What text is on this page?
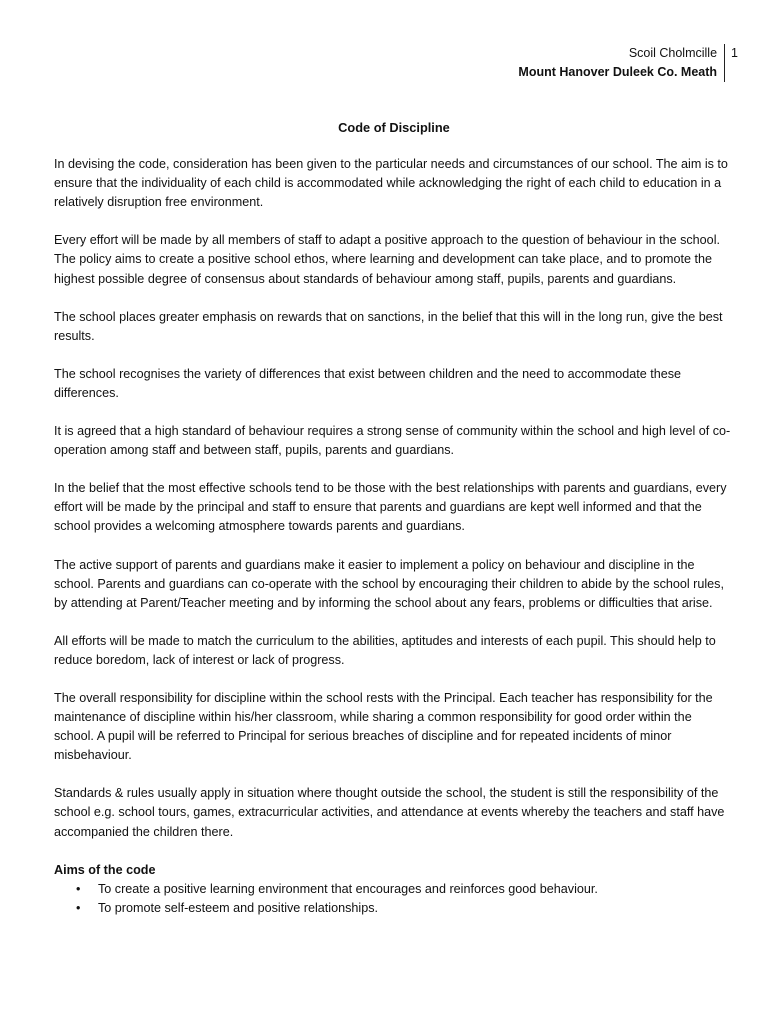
Scoil Cholmcille
Mount Hanover Duleek Co. Meath
1

Code of Discipline

In devising the code, consideration has been given to the particular needs and circumstances of our school. The aim is to ensure that the individuality of each child is accommodated while acknowledging the right of each child to education in a relatively disruption free environment.

Every effort will be made by all members of staff to adapt a positive approach to the question of behaviour in the school. The policy aims to create a positive school ethos, where learning and development can take place, and to promote the highest possible degree of consensus about standards of behaviour among staff, pupils, parents and guardians.

The school places greater emphasis on rewards that on sanctions, in the belief that this will in the long run, give the best results.

The school recognises the variety of differences that exist between children and the need to accommodate these differences.

It is agreed that a high standard of behaviour requires a strong sense of community within the school and high level of co-operation among staff and between staff, pupils, parents and guardians.

In the belief that the most effective schools tend to be those with the best relationships with parents and guardians, every effort will be made by the principal and staff to ensure that parents and guardians are kept well informed and that the school provides a welcoming atmosphere towards parents and guardians.

The active support of parents and guardians make it easier to implement a policy on behaviour and discipline in the school. Parents and guardians can co-operate with the school by encouraging their children to abide by the school rules, by attending at Parent/Teacher meeting and by informing the school about any fears, problems or difficulties that arise.

All efforts will be made to match the curriculum to the abilities, aptitudes and interests of each pupil. This should help to reduce boredom, lack of interest or lack of progress.

The overall responsibility for discipline within the school rests with the Principal. Each teacher has responsibility for the maintenance of discipline within his/her classroom, while sharing a common responsibility for good order within the school. A pupil will be referred to Principal for serious breaches of discipline and for repeated incidents of minor misbehaviour.

Standards & rules usually apply in situation where thought outside the school, the student is still the responsibility of the school e.g. school tours, games, extracurricular activities, and attendance at events whereby the teachers and staff have accompanied the children there.

Aims of the code

• To create a positive learning environment that encourages and reinforces good behaviour.
• To promote self-esteem and positive relationships.
